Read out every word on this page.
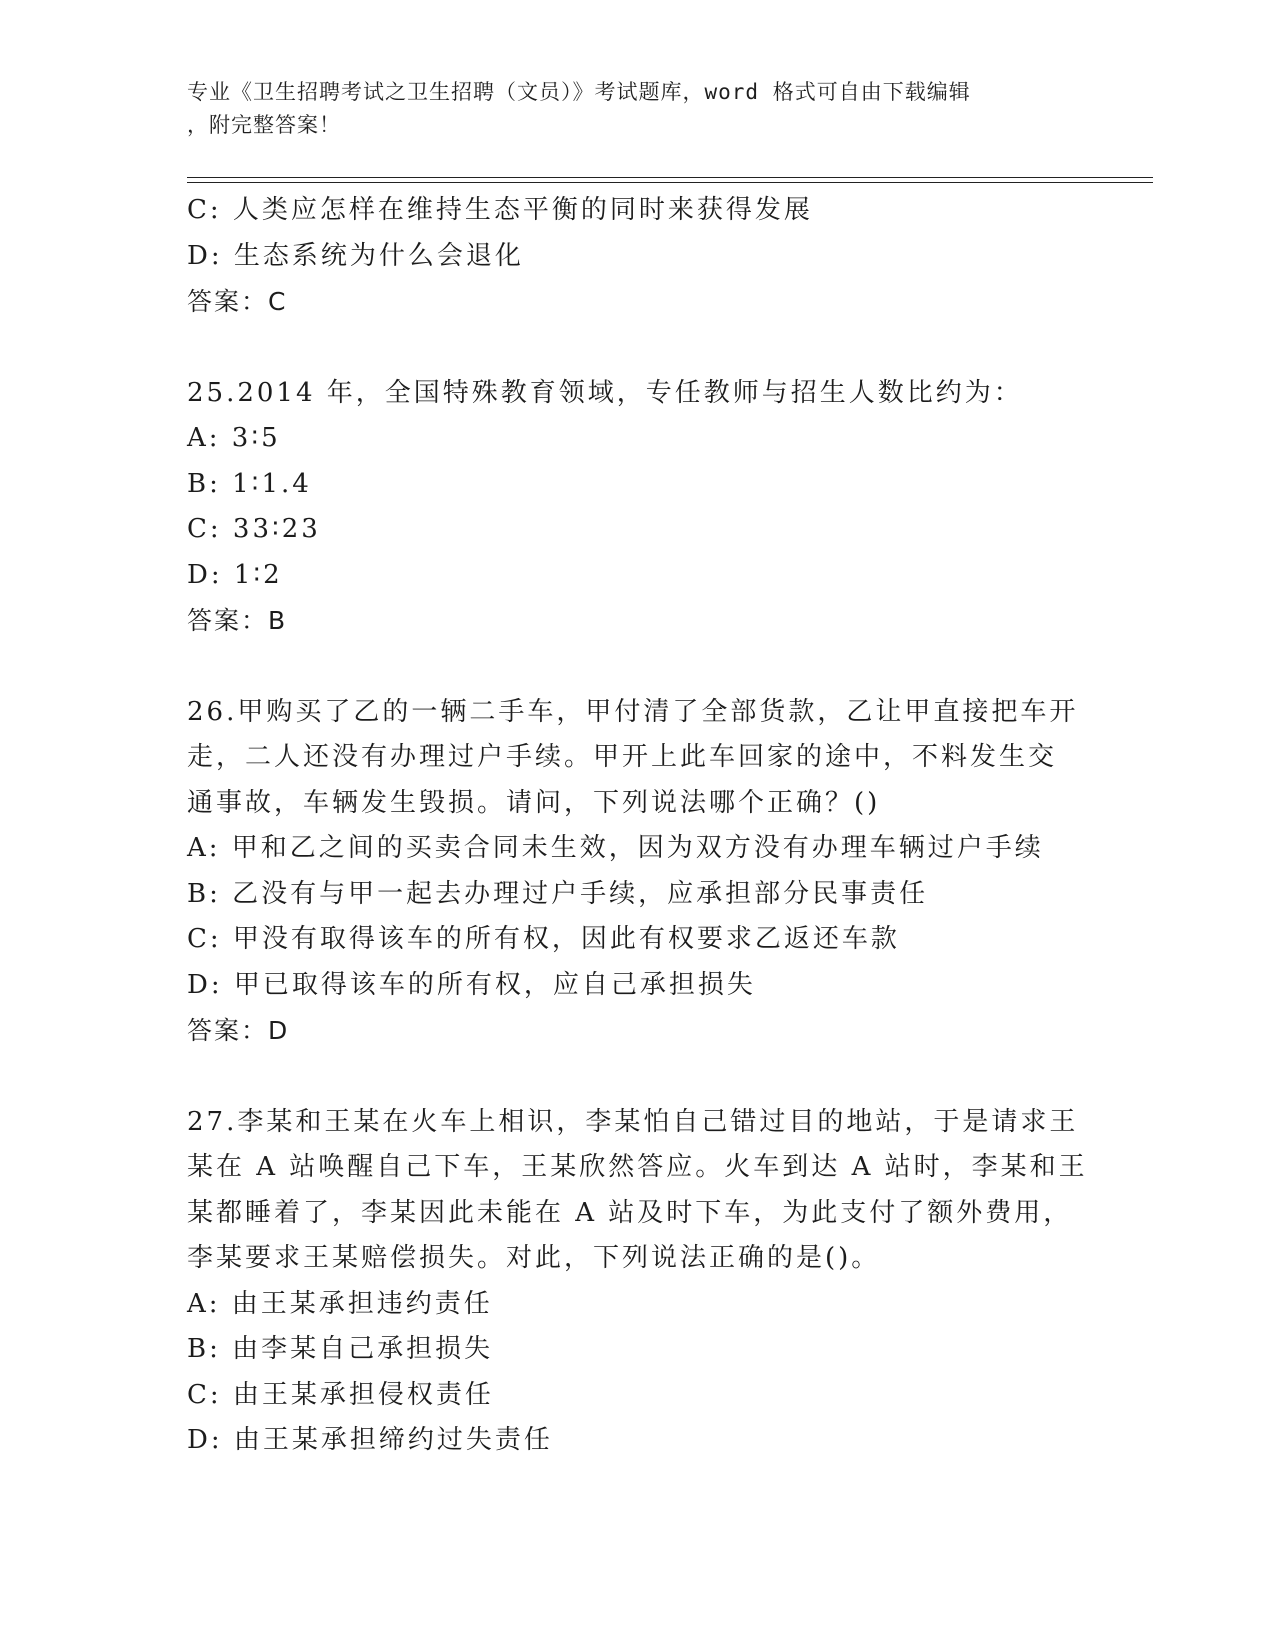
专业《卫生招聘考试之卫生招聘（文员）》考试题库，word 格式可自由下载编辑
，附完整答案！
C: 人类应怎样在维持生态平衡的同时来获得发展
D: 生态系统为什么会退化
答案：C
25.2014 年，全国特殊教育领域，专任教师与招生人数比约为：
A: 3∶5
B: 1∶1.4
C: 33∶23
D: 1∶2
答案：B
26.甲购买了乙的一辆二手车，甲付清了全部货款，乙让甲直接把车开
走，二人还没有办理过户手续。甲开上此车回家的途中，不料发生交
通事故，车辆发生毁损。请问，下列说法哪个正确？()
A: 甲和乙之间的买卖合同未生效，因为双方没有办理车辆过户手续
B: 乙没有与甲一起去办理过户手续，应承担部分民事责任
C: 甲没有取得该车的所有权，因此有权要求乙返还车款
D: 甲已取得该车的所有权，应自己承担损失
答案：D
27.李某和王某在火车上相识，李某怕自己错过目的地站，于是请求王
某在 A 站唤醒自己下车，王某欣然答应。火车到达 A 站时，李某和王
某都睡着了，李某因此未能在 A 站及时下车，为此支付了额外费用，
李某要求王某赔偿损失。对此，下列说法正确的是()。
A: 由王某承担违约责任
B: 由李某自己承担损失
C: 由王某承担侵权责任
D: 由王某承担缔约过失责任
